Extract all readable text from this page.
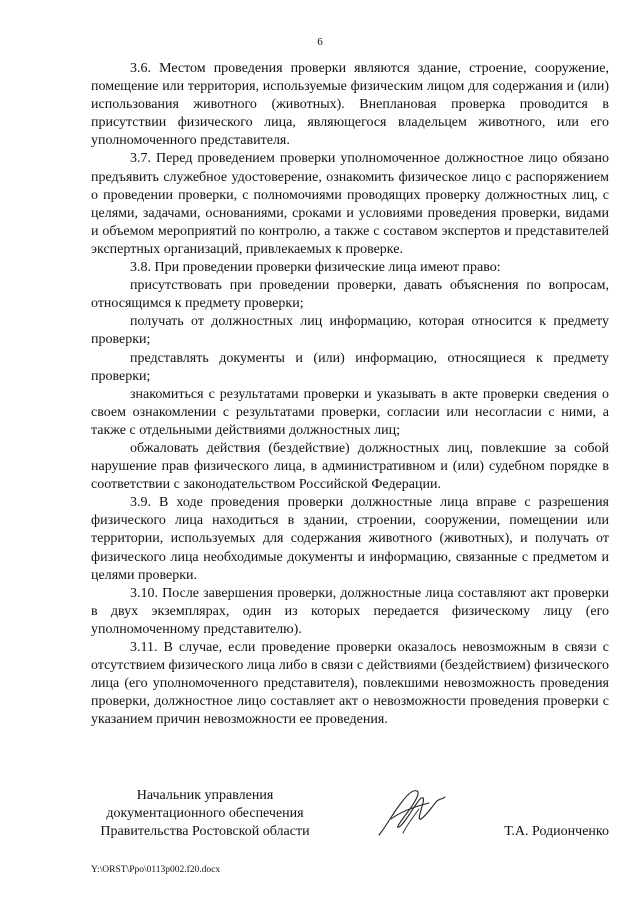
6

3.6. Местом проведения проверки являются здание, строение, сооружение, помещение или территория, используемые физическим лицом для содержания и (или) использования животного (животных). Внеплановая проверка проводится в присутствии физического лица, являющегося владельцем животного, или его уполномоченного представителя.

3.7. Перед проведением проверки уполномоченное должностное лицо обязано предъявить служебное удостоверение, ознакомить физическое лицо с распоряжением о проведении проверки, с полномочиями проводящих проверку должностных лиц, с целями, задачами, основаниями, сроками и условиями проведения проверки, видами и объемом мероприятий по контролю, а также с составом экспертов и представителей экспертных организаций, привлекаемых к проверке.

3.8. При проведении проверки физические лица имеют право:

присутствовать при проведении проверки, давать объяснения по вопросам, относящимся к предмету проверки;

получать от должностных лиц информацию, которая относится к предмету проверки;

представлять документы и (или) информацию, относящиеся к предмету проверки;

знакомиться с результатами проверки и указывать в акте проверки сведения о своем ознакомлении с результатами проверки, согласии или несогласии с ними, а также с отдельными действиями должностных лиц;

обжаловать действия (бездействие) должностных лиц, повлекшие за собой нарушение прав физического лица, в административном и (или) судебном порядке в соответствии с законодательством Российской Федерации.

3.9. В ходе проведения проверки должностные лица вправе с разрешения физического лица находиться в здании, строении, сооружении, помещении или территории, используемых для содержания животного (животных), и получать от физического лица необходимые документы и информацию, связанные с предметом и целями проверки.

3.10. После завершения проверки, должностные лица составляют акт проверки в двух экземплярах, один из которых передается физическому лицу (его уполномоченному представителю).

3.11. В случае, если проведение проверки оказалось невозможным в связи с отсутствием физического лица либо в связи с действиями (бездействием) физического лица (его уполномоченного представителя), повлекшими невозможность проведения проверки, должностное лицо составляет акт о невозможности проведения проверки с указанием причин невозможности ее проведения.

Начальник управления
документационного обеспечения
Правительства Ростовской области	Т.А. Родионченко
Y:\ORST\Ppo\0113p002.f20.docx
